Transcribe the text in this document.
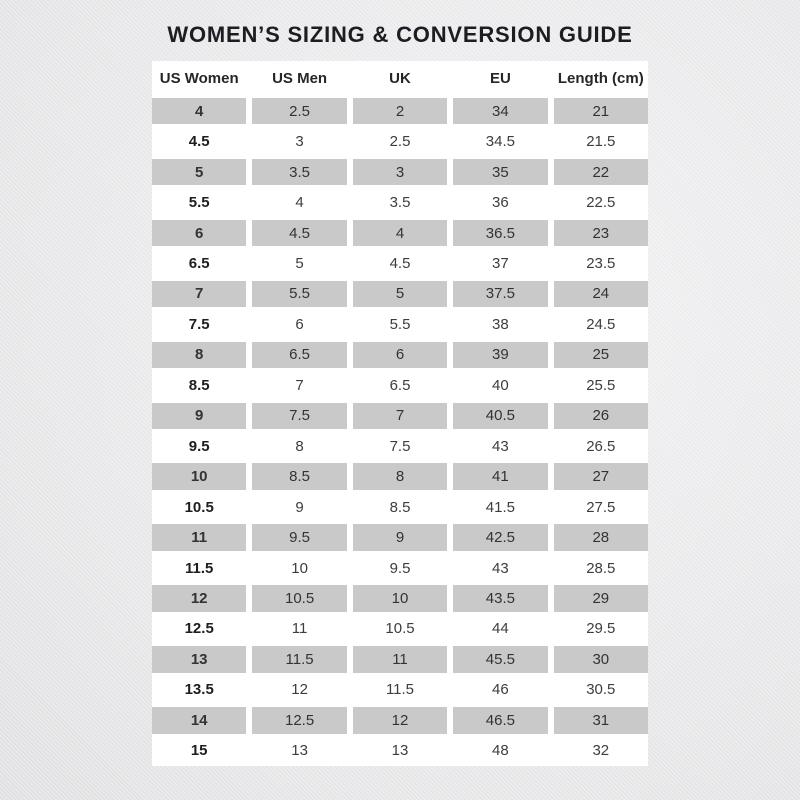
WOMEN’S SIZING & CONVERSION GUIDE
US Women	US Men	UK	EU	Length (cm)
4	2.5	2	34	21
4.5	3	2.5	34.5	21.5
5	3.5	3	35	22
5.5	4	3.5	36	22.5
6	4.5	4	36.5	23
6.5	5	4.5	37	23.5
7	5.5	5	37.5	24
7.5	6	5.5	38	24.5
8	6.5	6	39	25
8.5	7	6.5	40	25.5
9	7.5	7	40.5	26
9.5	8	7.5	43	26.5
10	8.5	8	41	27
10.5	9	8.5	41.5	27.5
11	9.5	9	42.5	28
11.5	10	9.5	43	28.5
12	10.5	10	43.5	29
12.5	11	10.5	44	29.5
13	11.5	11	45.5	30
13.5	12	11.5	46	30.5
14	12.5	12	46.5	31
15	13	13	48	32
